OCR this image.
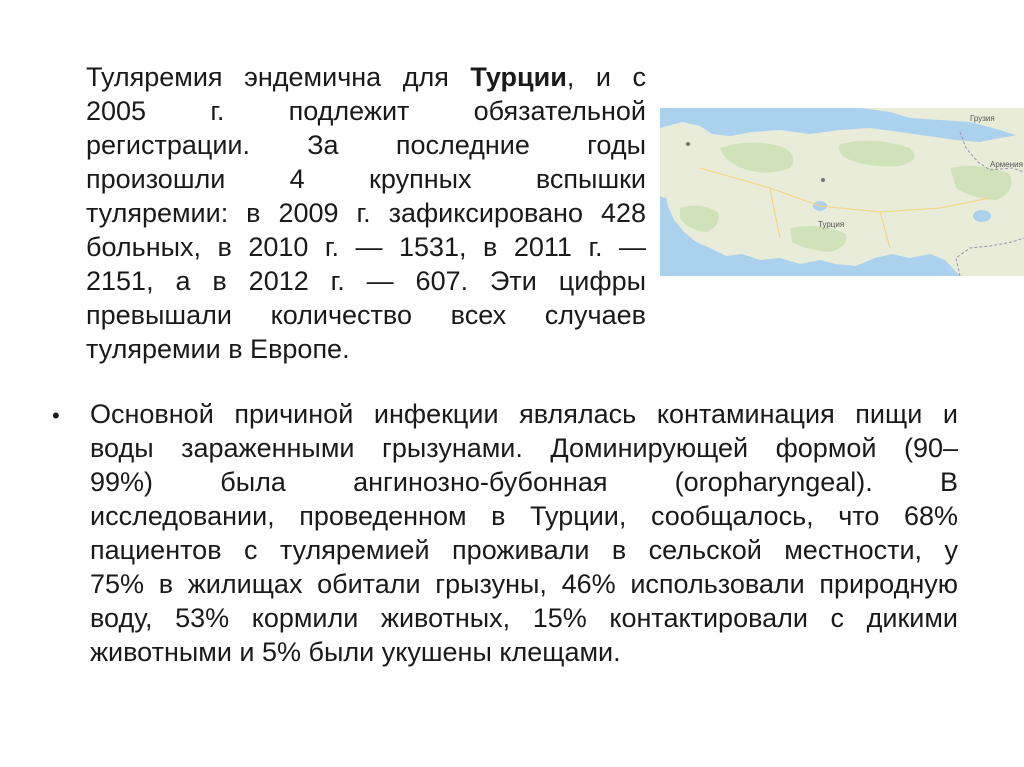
Туляремия эндемична для Турции, и с
2005 г. подлежит обязательной
регистрации. За последние годы
произошли 4 крупных вспышки
туляремии: в 2009 г. зафиксировано 428
больных, в 2010 г. — 1531, в 2011 г. —
2151, а в 2012 г. — 607. Эти цифры
превышали количество всех случаев
туляремии в Европе.

Турция
Грузия
Армения
• Основной причиной инфекции являлась контаминация пищи и
воды зараженными грызунами. Доминирующей формой (90–
99%) была ангинозно-бубонная (oropharyngeal). В
исследовании, проведенном в Турции, сообщалось, что 68%
пациентов с туляремией проживали в сельской местности, у
75% в жилищах обитали грызуны, 46% использовали природную
воду, 53% кормили животных, 15% контактировали с дикими
животными и 5% были укушены клещами.
